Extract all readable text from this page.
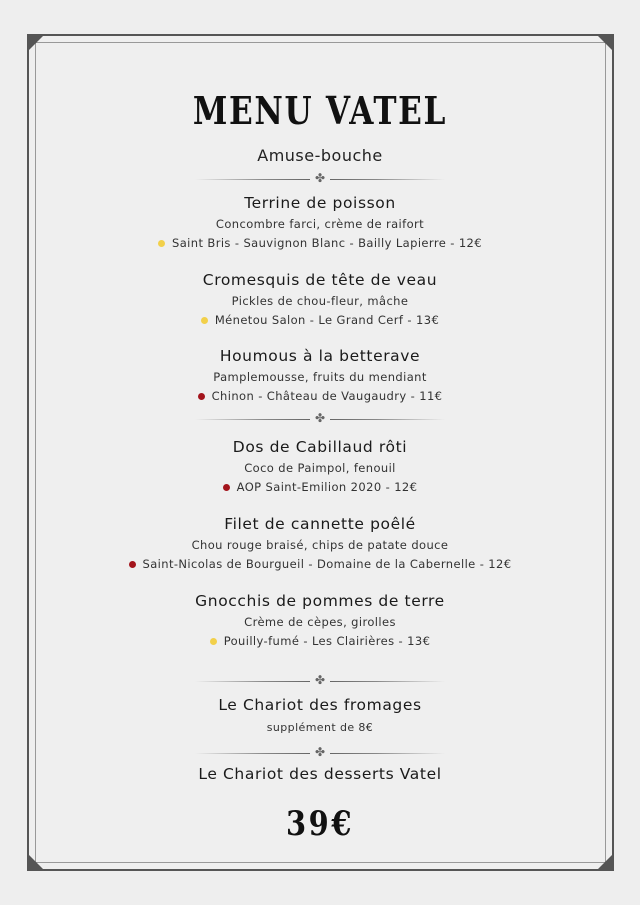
MENU VATEL
Amuse-bouche
✤
Terrine de poisson
Concombre farci, crème de raifort
Saint Bris - Sauvignon Blanc - Bailly Lapierre - 12€
Cromesquis de tête de veau
Pickles de chou-fleur, mâche
Ménetou Salon - Le Grand Cerf - 13€
Houmous à la betterave
Pamplemousse, fruits du mendiant
Chinon - Château de Vaugaudry - 11€
✤
Dos de Cabillaud rôti
Coco de Paimpol, fenouil
AOP Saint-Emilion 2020 - 12€
Filet de cannette poêlé
Chou rouge braisé, chips de patate douce
Saint-Nicolas de Bourgueil - Domaine de la Cabernelle - 12€
Gnocchis de pommes de terre
Crème de cèpes, girolles
Pouilly-fumé - Les Clairières - 13€
✤
Le Chariot des fromages
supplément de 8€
✤
Le Chariot des desserts Vatel
39€
